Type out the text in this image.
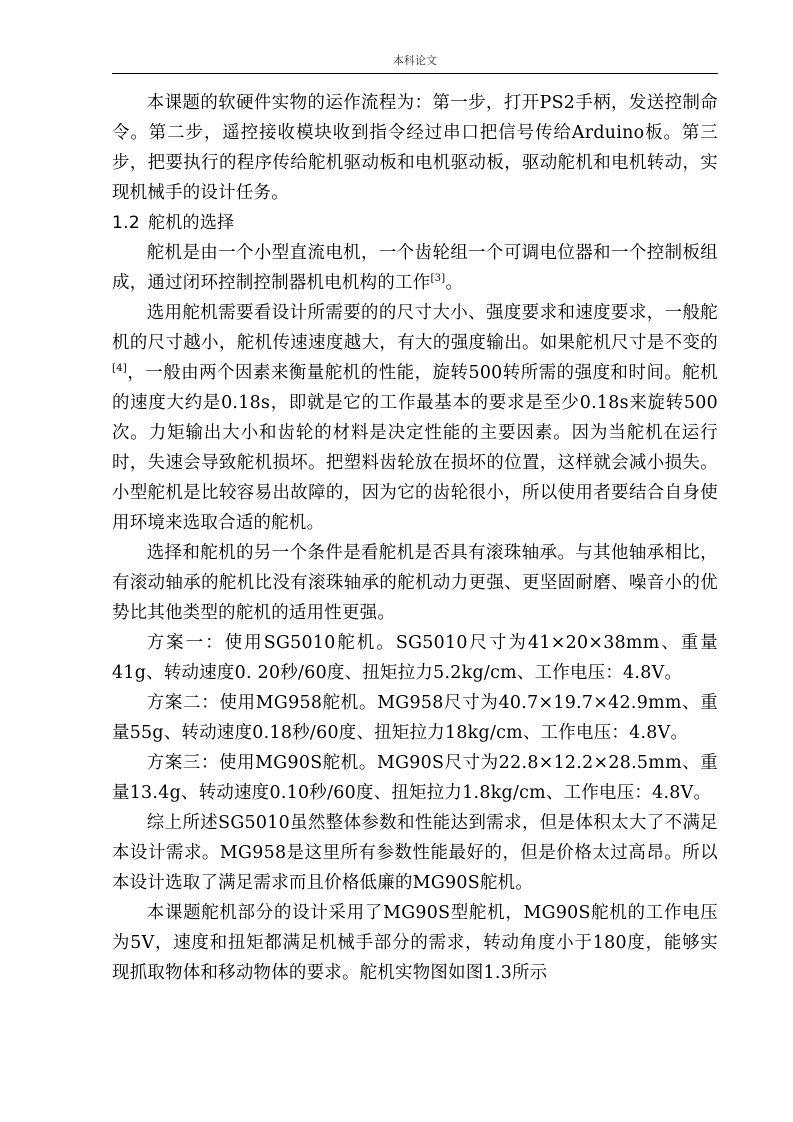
本科论文

本课题的软硬件实物的运作流程为：第一步，打开PS2手柄，发送控制命令。第二步，遥控接收模块收到指令经过串口把信号传给Arduino板。第三步，把要执行的程序传给舵机驱动板和电机驱动板，驱动舵机和电机转动，实现机械手的设计任务。

1.2 舵机的选择

舵机是由一个小型直流电机，一个齿轮组一个可调电位器和一个控制板组成，通过闭环控制控制器机电机构的工作[3]。

选用舵机需要看设计所需要的的尺寸大小、强度要求和速度要求，一般舵机的尺寸越小，舵机传速速度越大，有大的强度输出。如果舵机尺寸是不变的[4]，一般由两个因素来衡量舵机的性能，旋转500转所需的强度和时间。舵机的速度大约是0.18s，即就是它的工作最基本的要求是至少0.18s来旋转500次。力矩输出大小和齿轮的材料是决定性能的主要因素。因为当舵机在运行时，失速会导致舵机损坏。把塑料齿轮放在损坏的位置，这样就会减小损失。小型舵机是比较容易出故障的，因为它的齿轮很小，所以使用者要结合自身使用环境来选取合适的舵机。

选择和舵机的另一个条件是看舵机是否具有滚珠轴承。与其他轴承相比，有滚动轴承的舵机比没有滚珠轴承的舵机动力更强、更坚固耐磨、噪音小的优势比其他类型的舵机的适用性更强。

方案一：使用SG5010舵机。SG5010尺寸为41×20×38mm、重量41g、转动速度0. 20秒/60度、扭矩拉力5.2kg/cm、工作电压：4.8V。

方案二：使用MG958舵机。MG958尺寸为40.7×19.7×42.9mm、重量55g、转动速度0.18秒/60度、扭矩拉力18kg/cm、工作电压：4.8V。

方案三：使用MG90S舵机。MG90S尺寸为22.8×12.2×28.5mm、重量13.4g、转动速度0.10秒/60度、扭矩拉力1.8kg/cm、工作电压：4.8V。

综上所述SG5010虽然整体参数和性能达到需求，但是体积太大了不满足本设计需求。MG958是这里所有参数性能最好的，但是价格太过高昂。所以本设计选取了满足需求而且价格低廉的MG90S舵机。

本课题舵机部分的设计采用了MG90S型舵机，MG90S舵机的工作电压为5V，速度和扭矩都满足机械手部分的需求，转动角度小于180度，能够实现抓取物体和移动物体的要求。舵机实物图如图1.3所示
